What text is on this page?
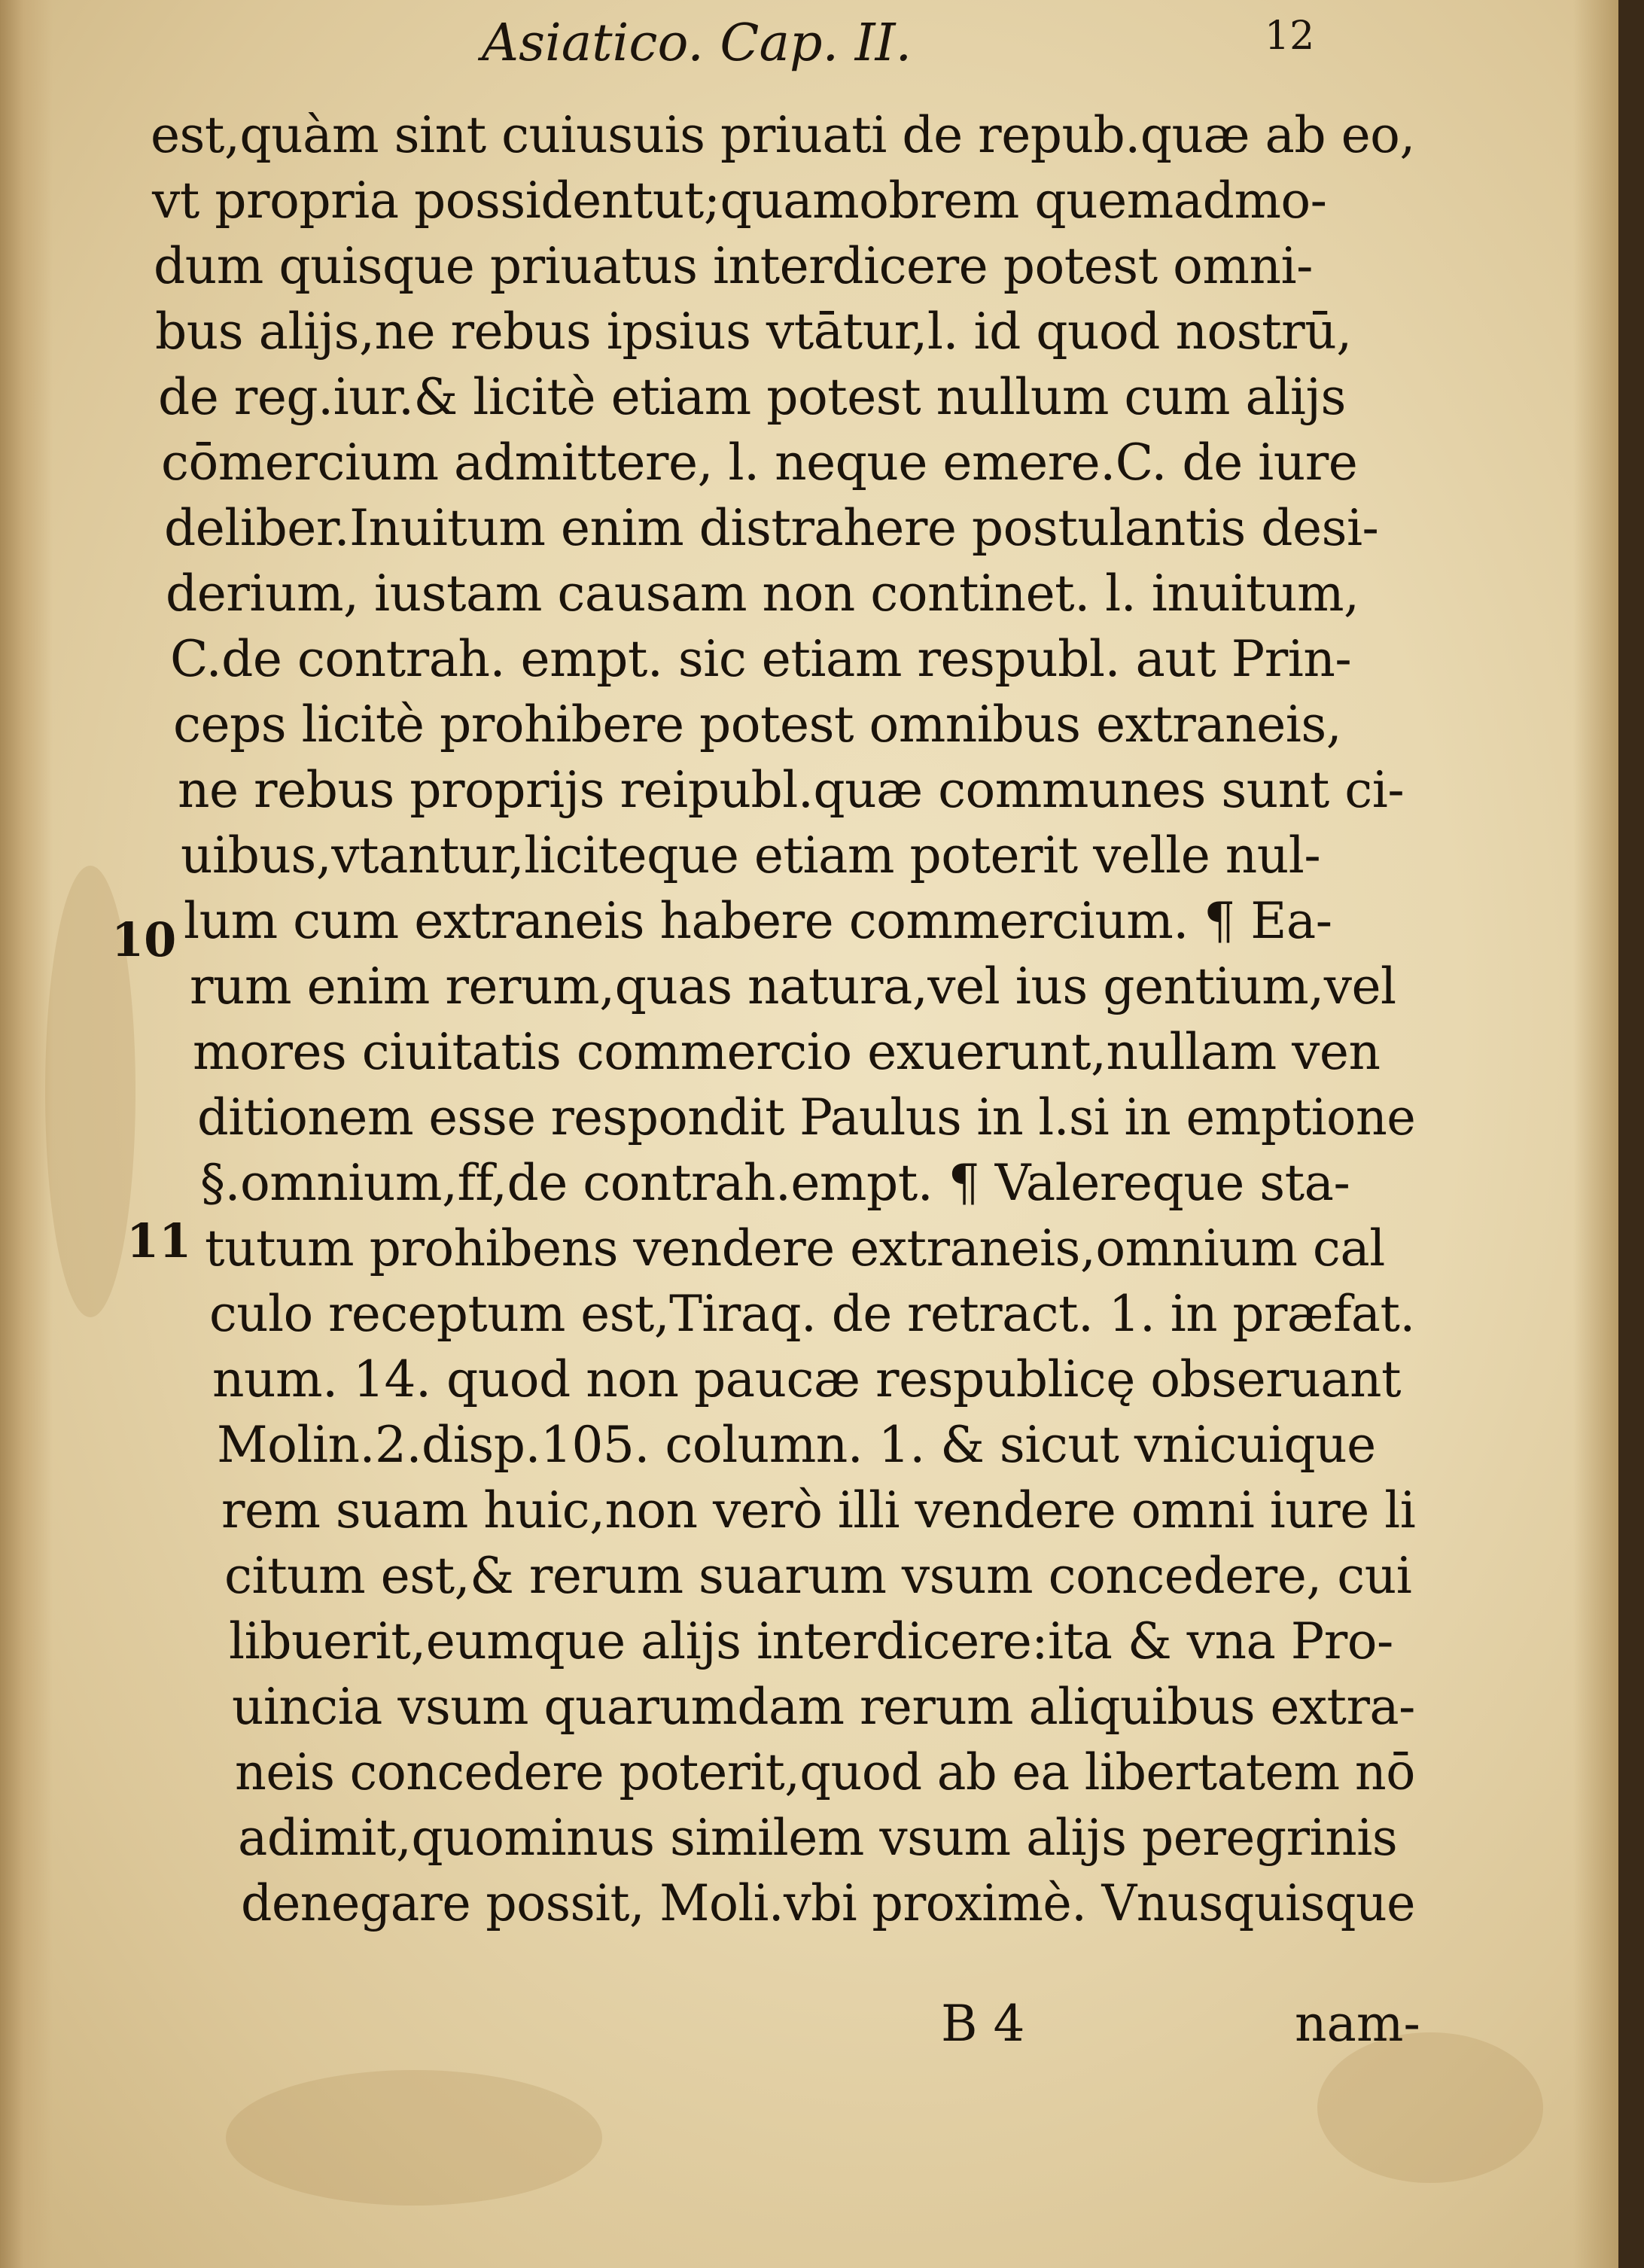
Asiatico. Cap. II.	12
est,quàm sint cuiusuis priuati de repub.quæ ab eo,
vt propria possidentut;quamobrem quemadmo-
dum quisque priuatus interdicere potest omni-
bus alijs,ne rebus ipsius vtātur,l. id quod nostrū,
de reg.iur.& licitè etiam potest nullum cum alijs
cōmercium admittere, l. neque emere.C. de iure
deliber.Inuitum enim distrahere postulantis desi-
derium, iustam causam non continet. l. inuitum,
C.de contrah. empt. sic etiam respubl. aut Prin-
ceps licitè prohibere potest omnibus extraneis,
ne rebus proprijs reipubl.quæ communes sunt ci-
uibus,vtantur,liciteque etiam poterit velle nul-
lum cum extraneis habere commercium. ¶ Ea-
rum enim rerum,quas natura,vel ius gentium,vel
mores ciuitatis commercio exuerunt,nullam ven
ditionem esse respondit Paulus in l.si in emptione
§.omnium,ff,de contrah.empt. ¶ Valereque sta-
tutum prohibens vendere extraneis,omnium cal
culo receptum est,Tiraq. de retract. 1. in præfat.
num. 14. quod non paucæ respublicę obseruant
Molin.2.disp.105. column. 1. & sicut vnicuique
rem suam huic,non verò illi vendere omni iure li
citum est,& rerum suarum vsum concedere, cui
libuerit,eumque alijs interdicere:ita & vna Pro-
uincia vsum quarumdam rerum aliquibus extra-
neis concedere poterit,quod ab ea libertatem nō
adimit,quominus similem vsum alijs peregrinis
denegare possit, Moli.vbi proximè. Vnusquisque
10
11
B 4	nam-
